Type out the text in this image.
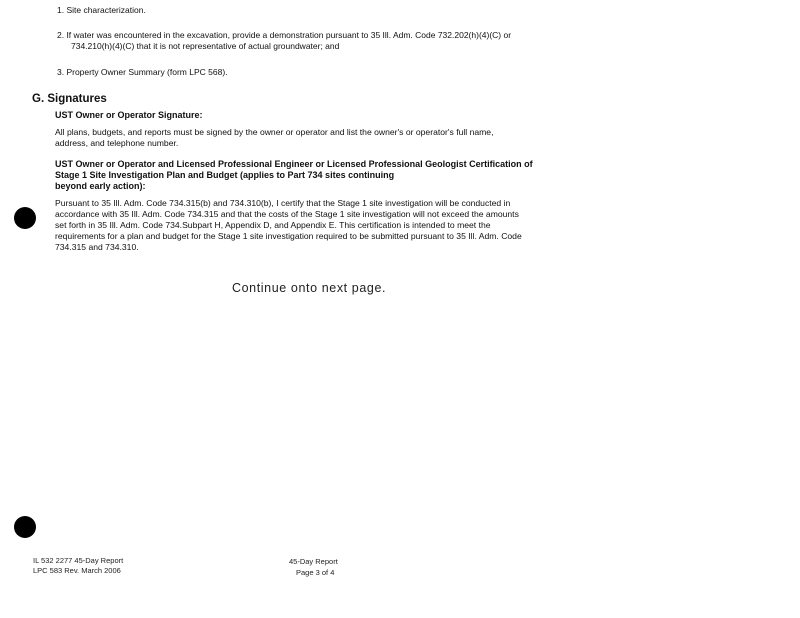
1. Site characterization.
2. If water was encountered in the excavation, provide a demonstration pursuant to 35 Ill. Adm. Code 732.202(h)(4)(C) or
734.210(h)(4)(C) that it is not representative of actual groundwater; and
3. Property Owner Summary (form LPC 568).
G. Signatures
UST Owner or Operator Signature:
All plans, budgets, and reports must be signed by the owner or operator and list the owner's or operator's full name,
address, and telephone number.
UST Owner or Operator and Licensed Professional Engineer or Licensed Professional Geologist Certification of
Stage 1 Site Investigation Plan and Budget (applies to Part 734 sites continuing
beyond early action):
Pursuant to 35 Ill. Adm. Code 734.315(b) and 734.310(b), I certify that the Stage 1 site investigation will be conducted in
accordance with 35 Ill. Adm. Code 734.315 and that the costs of the Stage 1 site investigation will not exceed the amounts
set forth in 35 Ill. Adm. Code 734.Subpart H, Appendix D, and Appendix E. This certification is intended to meet the
requirements for a plan and budget for the Stage 1 site investigation required to be submitted pursuant to 35 Ill. Adm. Code
734.315 and 734.310.
Continue onto next page.
IL 532 2277 45-Day Report
LPC 583 Rev. March 2006
45-Day Report
Page 3 of 4
